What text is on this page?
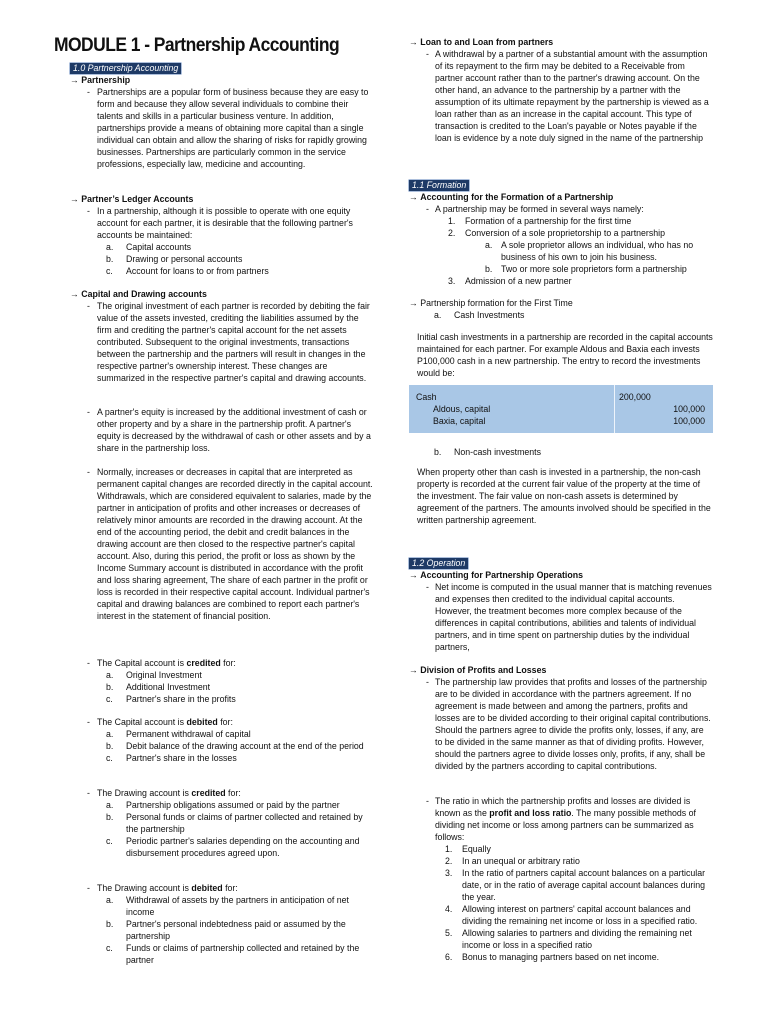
MODULE 1 - Partnership Accounting
1.0 Partnership Accounting
→ Partnership
- Partnerships are a popular form of business because they are easy to form and because they allow several individuals to combine their talents and skills in a particular business venture. In addition, partnerships provide a means of obtaining more capital than a single individual can obtain and allow the sharing of risks for rapidly growing businesses. Partnerships are particularly common in the service professions, especially law, medicine and accounting.
→ Partner’s Ledger Accounts
- In a partnership, although it is possible to operate with one equity account for each partner, it is desirable that the following partner's accounts be maintained:
a. Capital accounts
b. Drawing or personal accounts
c. Account for loans to or from partners
→ Capital and Drawing accounts
- The original investment of each partner is recorded by debiting the fair value of the assets invested, crediting the liabilities assumed by the firm and crediting the partner's capital account for the net assets contributed. Subsequent to the original investments, transactions between the partnership and the partners will result in changes in the respective partner's ownership interest. These changes are summarized in the respective partner's capital and drawing accounts.
- A partner's equity is increased by the additional investment of cash or other property and by a share in the partnership profit. A partner's equity is decreased by the withdrawal of cash or other assets and by a share in the partnership loss.
- Normally, increases or decreases in capital that are interpreted as permanent capital changes are recorded directly in the capital account. Withdrawals, which are considered equivalent to salaries, made by the partner in anticipation of profits and other increases or decreases of relatively minor amounts are recorded in the drawing account. At the end of the accounting period, the debit and credit balances in the drawing account are then closed to the respective partner's capital account. Also, during this period, the profit or loss as shown by the Income Summary account is distributed in accordance with the profit and loss sharing agreement, The share of each partner in the profit or loss is recorded in their respective capital account. Individual partner's capital and drawing balances are combined to report each partner's interest in the statement of financial position.
- The Capital account is credited for:
a. Original Investment
b. Additional Investment
c. Partner's share in the profits
- The Capital account is debited for:
a. Permanent withdrawal of capital
b. Debit balance of the drawing account at the end of the period
c. Partner's share in the losses
- The Drawing account is credited for:
a. Partnership obligations assumed or paid by the partner
b. Personal funds or claims of partner collected and retained by the partnership
c. Periodic partner's salaries depending on the accounting and disbursement procedures agreed upon.
- The Drawing account is debited for:
a. Withdrawal of assets by the partners in anticipation of net income
b. Partner's personal indebtedness paid or assumed by the partnership
c. Funds or claims of partnership collected and retained by the partner
→ Loan to and Loan from partners
- A withdrawal by a partner of a substantial amount with the assumption of its repayment to the firm may be debited to a Receivable from partner account rather than to the partner's drawing account. On the other hand, an advance to the partnership by a partner with the assumption of its ultimate repayment by the partnership is viewed as a loan rather than as an increase in the capital account. This type of transaction is credited to the Loan's payable or Notes payable if the loan is evidence by a note duly signed in the name of the partnership
1.1 Formation
→ Accounting for the Formation of a Partnership
- A partnership may be formed in several ways namely:
1. Formation of a partnership for the first time
2. Conversion of a sole proprietorship to a partnership
a. A sole proprietor allows an individual, who has no business of his own to join his business.
b. Two or more sole proprietors form a partnership
3. Admission of a new partner
→ Partnership formation for the First Time
a. Cash Investments
Initial cash investments in a partnership are recorded in the capital accounts maintained for each partner. For example Aldous and Baxia each invests P100,000 cash in a new partnership. The entry to record the investments would be:
Cash
Aldous, capital
Baxia, capital
200,000
100,000
100,000
b. Non-cash investments
When property other than cash is invested in a partnership, the non-cash property is recorded at the current fair value of the property at the time of the investment. The fair value on non-cash assets is determined by agreement of the partners. The amounts involved should be specified in the written partnership agreement.
1.2 Operation
→ Accounting for Partnership Operations
- Net income is computed in the usual manner that is matching revenues and expenses then credited to the individual capital accounts. However, the treatment becomes more complex because of the differences in capital contributions, abilities and talents of individual partners, and in time spent on partnership duties by the individual partners,
→ Division of Profits and Losses
- The partnership law provides that profits and losses of the partnership are to be divided in accordance with the partners agreement. If no agreement is made between and among the partners, profits and losses are to be divided according to their original capital contributions. Should the partners agree to divide the profits only, losses, if any, are to be divided in the same manner as that of dividing profits. However, should the partners agree to divide losses only, profits, if any, shall be divided by the partners according to capital contributions.
- The ratio in which the partnership profits and losses are divided is known as the profit and loss ratio. The many possible methods of dividing net income or loss among partners can be summarized as follows:
1. Equally
2. In an unequal or arbitrary ratio
3. In the ratio of partners capital account balances on a particular date, or in the ratio of average capital account balances during the year.
4. Allowing interest on partners' capital account balances and dividing the remaining net income or loss in a specified ratio.
5. Allowing salaries to partners and dividing the remaining net income or loss in a specified ratio
6. Bonus to managing partners based on net income.
